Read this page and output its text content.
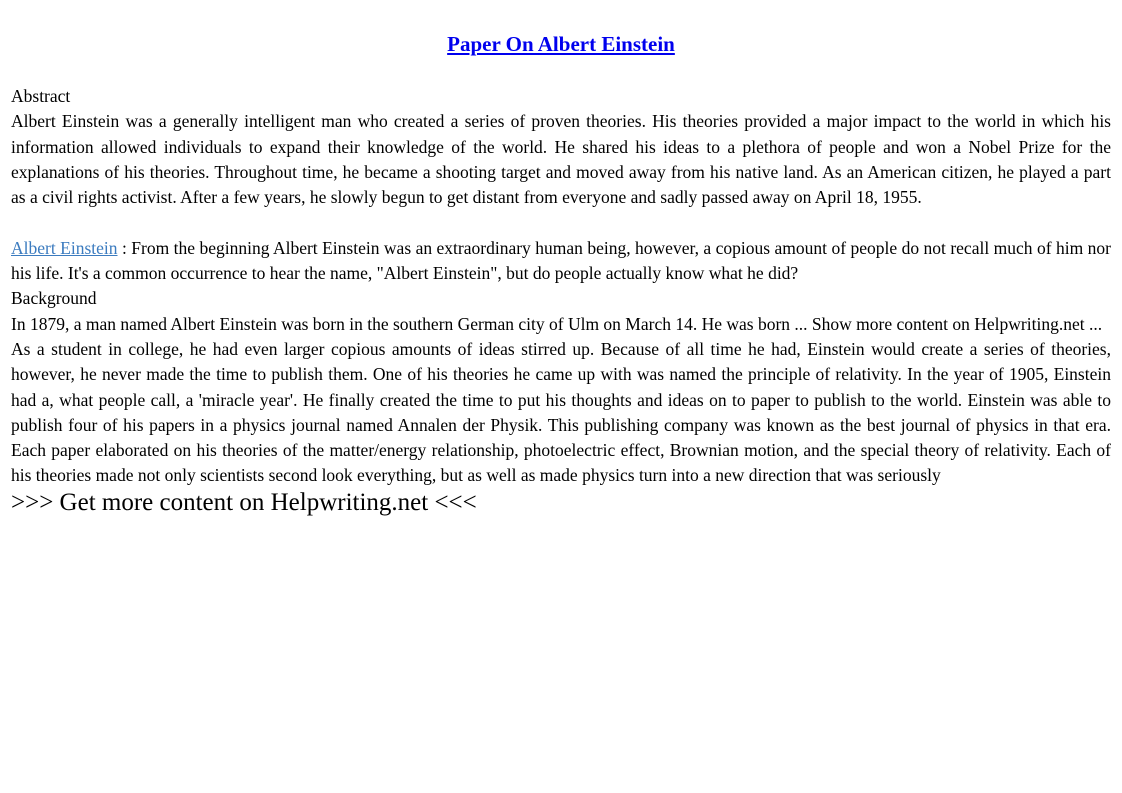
Paper On Albert Einstein

Abstract

Albert Einstein was a generally intelligent man who created a series of proven theories. His theories provided a major impact to the world in which his information allowed individuals to expand their knowledge of the world. He shared his ideas to a plethora of people and won a Nobel Prize for the explanations of his theories. Throughout time, he became a shooting target and moved away from his native land. As an American citizen, he played a part as a civil rights activist. After a few years, he slowly begun to get distant from everyone and sadly passed away on April 18, 1955.

Albert Einstein : From the beginning Albert Einstein was an extraordinary human being, however, a copious amount of people do not recall much of him nor his life. It's a common occurrence to hear the name, "Albert Einstein", but do people actually know what he did?

Background

In 1879, a man named Albert Einstein was born in the southern German city of Ulm on March 14. He was born ... Show more content on Helpwriting.net ...

As a student in college, he had even larger copious amounts of ideas stirred up. Because of all time he had, Einstein would create a series of theories, however, he never made the time to publish them. One of his theories he came up with was named the principle of relativity. In the year of 1905, Einstein had a, what people call, a 'miracle year'. He finally created the time to put his thoughts and ideas on to paper to publish to the world. Einstein was able to publish four of his papers in a physics journal named Annalen der Physik. This publishing company was known as the best journal of physics in that era. Each paper elaborated on his theories of the matter/energy relationship, photoelectric effect, Brownian motion, and the special theory of relativity. Each of his theories made not only scientists second look everything, but as well as made physics turn into a new direction that was seriously

>>> Get more content on Helpwriting.net <<<
